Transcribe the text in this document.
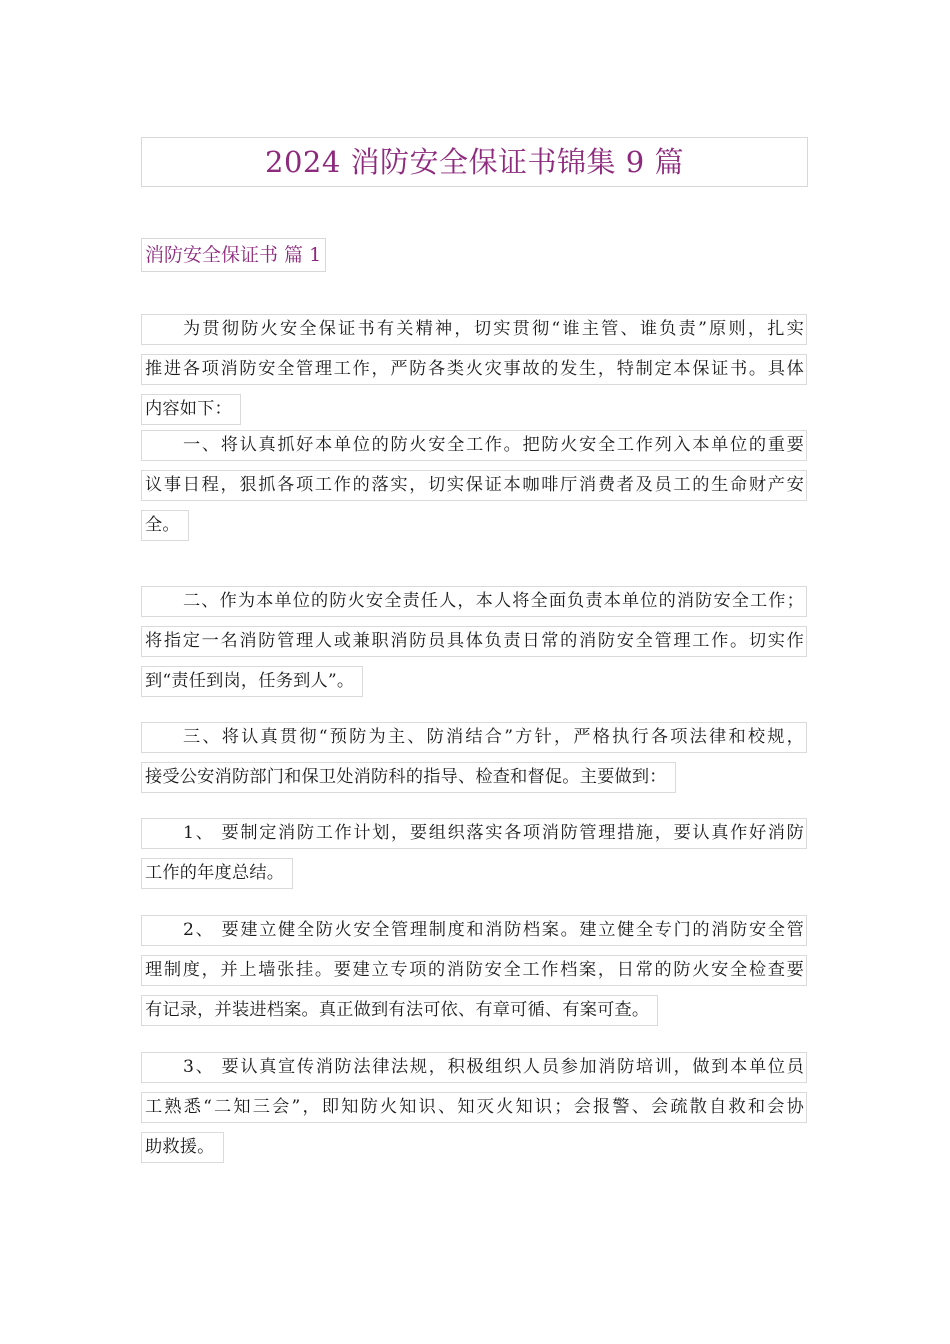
2024 消防安全保证书锦集 9 篇
消防安全保证书 篇 1
为贯彻防火安全保证书有关精神，切实贯彻“谁主管、谁负责”原则，扎实
推进各项消防安全管理工作，严防各类火灾事故的发生，特制定本保证书。具体
内容如下：
一、将认真抓好本单位的防火安全工作。把防火安全工作列入本单位的重要
议事日程，狠抓各项工作的落实，切实保证本咖啡厅消费者及员工的生命财产安
全。
二、作为本单位的防火安全责任人，本人将全面负责本单位的消防安全工作；
将指定一名消防管理人或兼职消防员具体负责日常的消防安全管理工作。切实作
到“责任到岗，任务到人”。
三、将认真贯彻“预防为主、防消结合”方针，严格执行各项法律和校规，
接受公安消防部门和保卫处消防科的指导、检查和督促。主要做到：
1、 要制定消防工作计划，要组织落实各项消防管理措施，要认真作好消防
工作的年度总结。
2、 要建立健全防火安全管理制度和消防档案。建立健全专门的消防安全管
理制度，并上墙张挂。要建立专项的消防安全工作档案，日常的防火安全检查要
有记录，并装进档案。真正做到有法可依、有章可循、有案可查。
3、 要认真宣传消防法律法规，积极组织人员参加消防培训，做到本单位员
工熟悉“二知三会”，即知防火知识、知灭火知识；会报警、会疏散自救和会协
助救援。
